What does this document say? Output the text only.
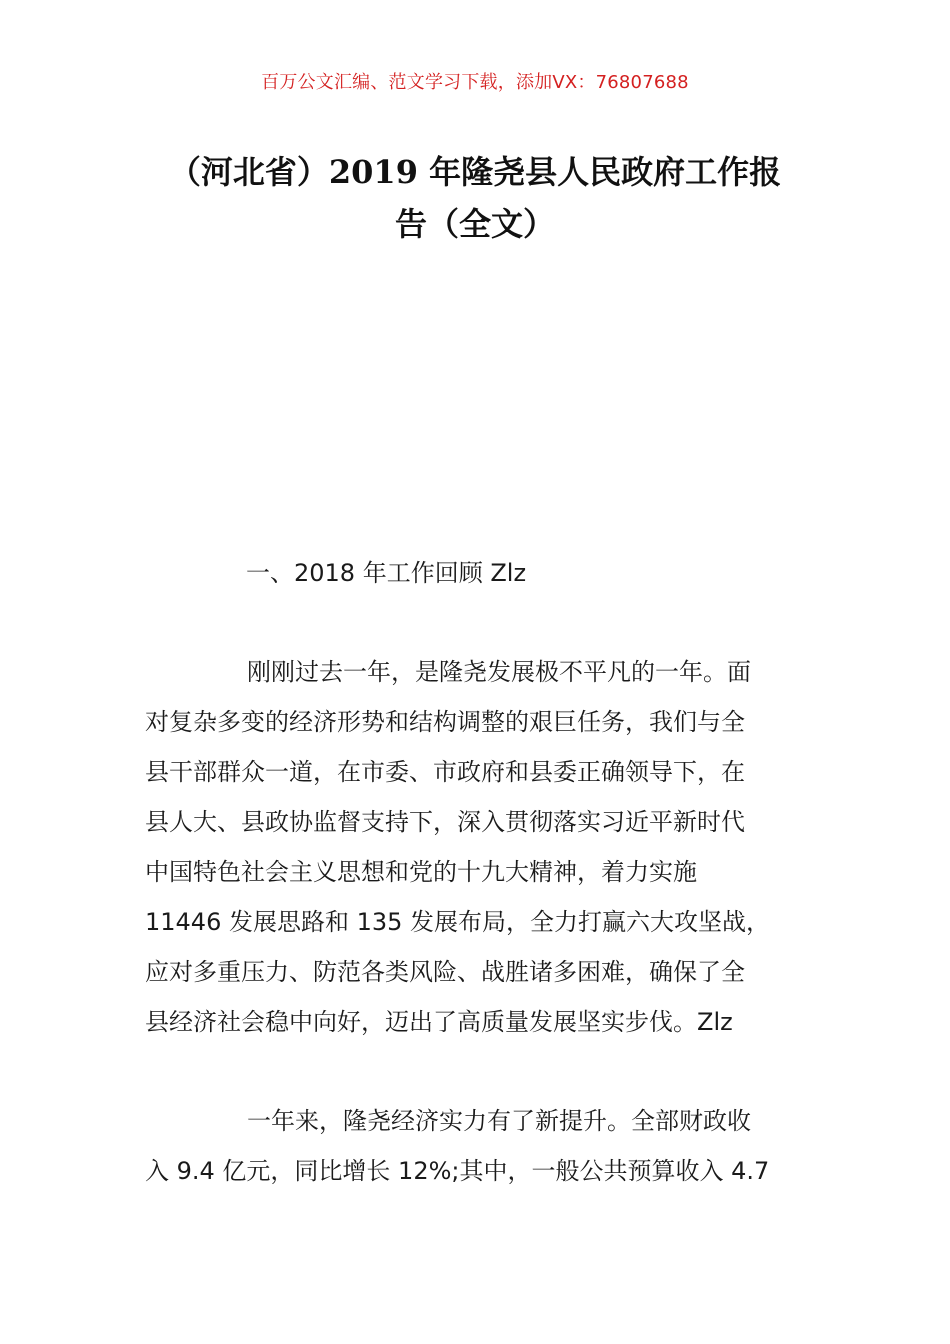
百万公文汇编、范文学习下载，添加VX：76807688
（河北省）2019 年隆尧县人民政府工作报
告（全文）
一、2018 年工作回顾 Zlz
刚刚过去一年，是隆尧发展极不平凡的一年。面
对复杂多变的经济形势和结构调整的艰巨任务，我们与全
县干部群众一道，在市委、市政府和县委正确领导下，在
县人大、县政协监督支持下，深入贯彻落实习近平新时代
中国特色社会主义思想和党的十九大精神，着力实施
11446 发展思路和 135 发展布局，全力打赢六大攻坚战，
应对多重压力、防范各类风险、战胜诸多困难，确保了全
县经济社会稳中向好，迈出了高质量发展坚实步伐。Zlz
一年来，隆尧经济实力有了新提升。全部财政收
入 9.4 亿元，同比增长 12%;其中，一般公共预算收入 4.7
